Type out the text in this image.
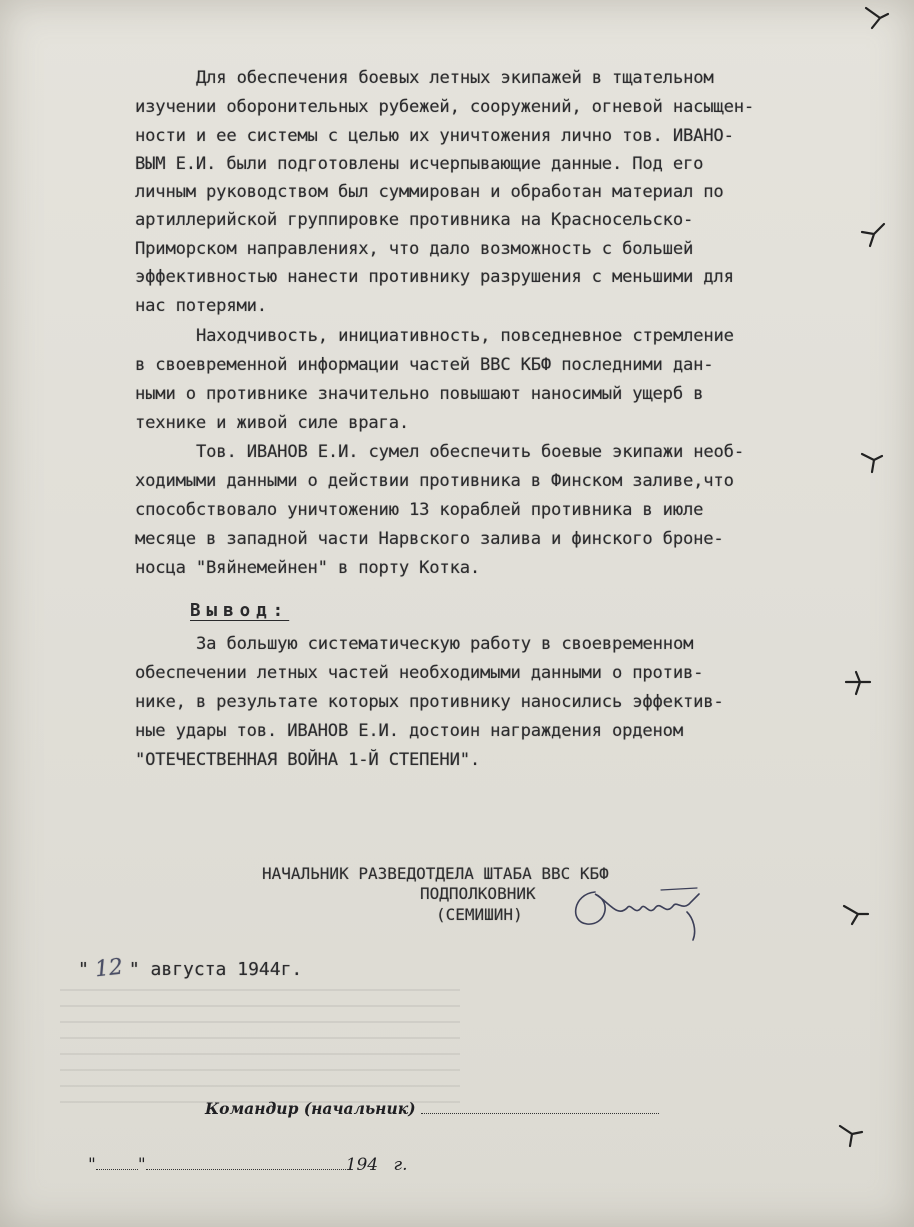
Для обеспечения боевых летных экипажей в тщательном
изучении оборонительных рубежей, сооружений, огневой насыщен-
ности и ее системы с целью их уничтожения лично тов. ИВАНО-
ВЫМ Е.И. были подготовлены исчерпывающие данные. Под его
личным руководством был суммирован и обработан материал по
артиллерийской группировке противника на Красносельско-
Приморском направлениях, что дало возможность с большей
эффективностью нанести противнику разрушения с меньшими для
нас потерями.
Находчивость, инициативность, повседневное стремление
в своевременной информации частей ВВС КБФ последними дан-
ными о противнике значительно повышают наносимый ущерб в
технике и живой силе врага.
Тов. ИВАНОВ Е.И. сумел обеспечить боевые экипажи необ-
ходимыми данными о действии противника в Финском заливе,что
способствовало уничтожению 13 кораблей противника в июле
месяце в западной части Нарвского залива и финского броне-
носца "Вяйнемейнен" в порту Котка.
Вывод:
За большую систематическую работу в своевременном
обеспечении летных частей необходимыми данными о против-
нике, в результате которых противнику наносились эффектив-
ные удары тов. ИВАНОВ Е.И. достоин награждения орденом
"ОТЕЧЕСТВЕННАЯ ВОЙНА 1-Й СТЕПЕНИ".
НАЧАЛЬНИК РАЗВЕДОТДЕЛА ШТАБА ВВС КБФ
ПОДПОЛКОВНИК
(СЕМИШИН)
" 12 " августа 1944г.
Командир (начальник)
" "	194 г.
